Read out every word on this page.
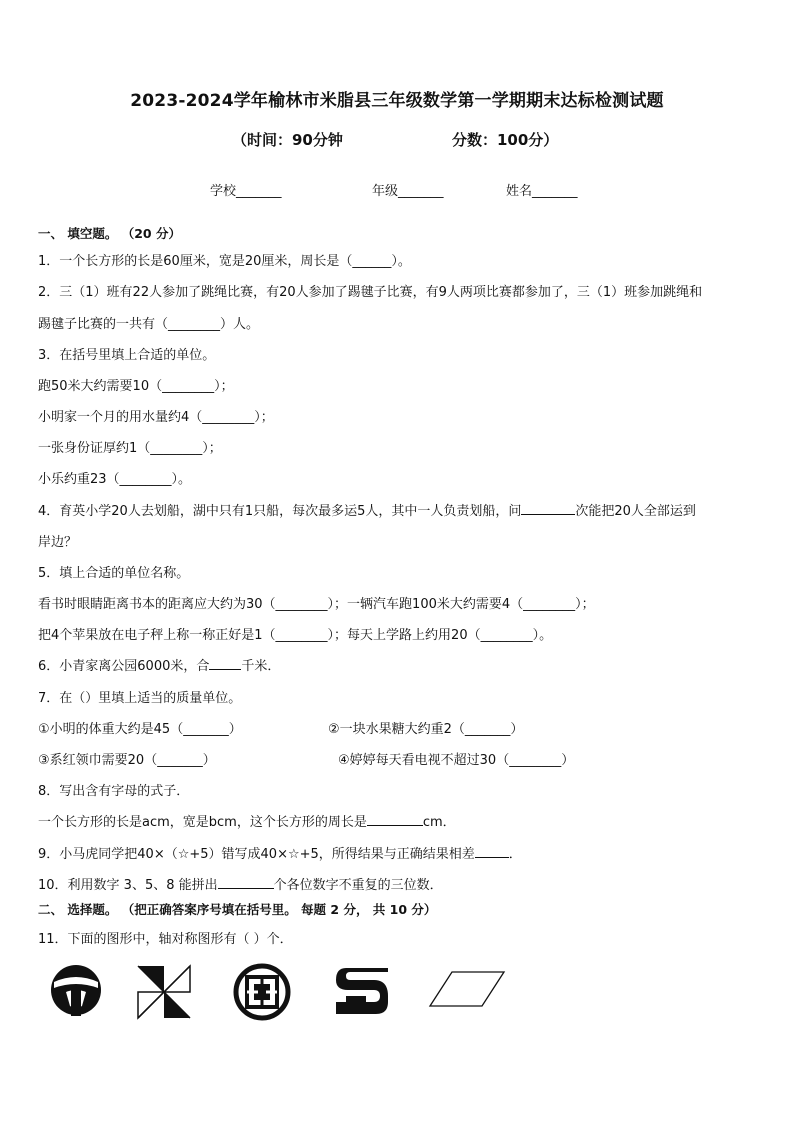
2023-2024学年榆林市米脂县三年级数学第一学期期末达标检测试题
（时间：90分钟	分数：100分）
学校_______	年级_______	姓名_______
一、 填空题。 （20 分）
1．一个长方形的长是60厘米，宽是20厘米，周长是（______）。
2．三（1）班有22人参加了跳绳比赛，有20人参加了踢毽子比赛，有9人两项比赛都参加了，三（1）班参加跳绳和
踢毽子比赛的一共有（________）人。
3．在括号里填上合适的单位。
跑50米大约需要10（________）；
小明家一个月的用水量约4（________）；
一张身份证厚约1（________）；
小乐约重23（________）。
4．育英小学20人去划船，湖中只有1只船，每次最多运5人，其中一人负责划船，问	次能把20人全部运到
岸边？
5．填上合适的单位名称。
看书时眼睛距离书本的距离应大约为30（________）；一辆汽车跑100米大约需要4（________）；
把4个苹果放在电子秤上称一称正好是1（________）；每天上学路上约用20（________）。
6．小青家离公园6000米，合 千米．
7．在（）里填上适当的质量单位。
①小明的体重大约是45（_______）	②一块水果糖大约重2（_______）
③系红领巾需要20（_______）	④婷婷每天看电视不超过30（________）
8．写出含有字母的式子．
一个长方形的长是acm，宽是bcm，这个长方形的周长是	cm．
9．小马虎同学把40×（☆+5）错写成40×☆+5，所得结果与正确结果相差	．
10．利用数字 3、5、8 能拼出	个各位数字不重复的三位数．
二、 选择题。 （把正确答案序号填在括号里。 每题 2 分， 共 10 分）
11．下面的图形中，轴对称图形有（ ）个．
